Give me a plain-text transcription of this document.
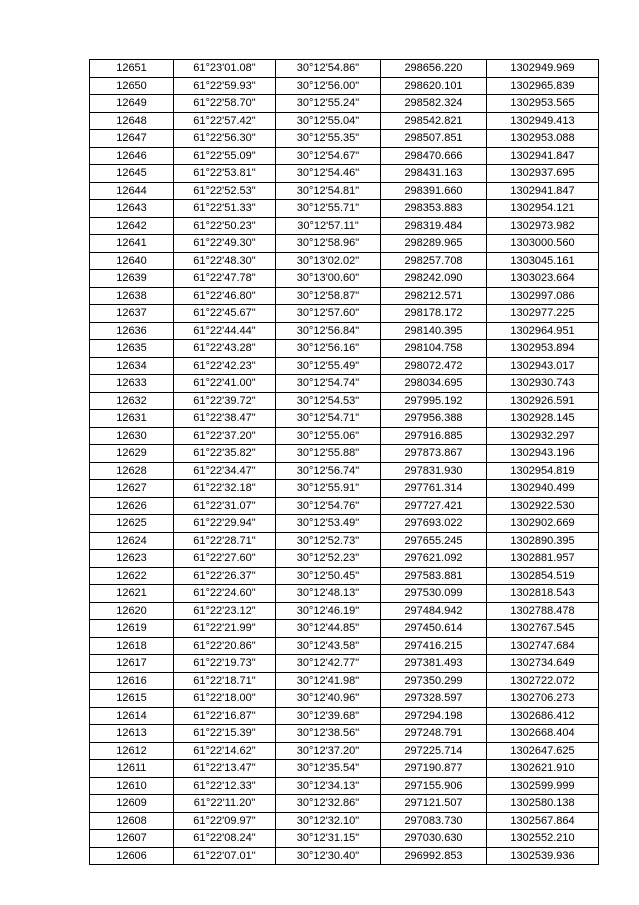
12651	61°23'01.08"	30°12'54.86"	298656.220	1302949.969
12650	61°22'59.93"	30°12'56.00"	298620.101	1302965.839
12649	61°22'58.70"	30°12'55.24"	298582.324	1302953.565
12648	61°22'57.42"	30°12'55.04"	298542.821	1302949.413
12647	61°22'56.30"	30°12'55.35"	298507.851	1302953.088
12646	61°22'55.09"	30°12'54.67"	298470.666	1302941.847
12645	61°22'53.81"	30°12'54.46"	298431.163	1302937.695
12644	61°22'52.53"	30°12'54.81"	298391.660	1302941.847
12643	61°22'51.33"	30°12'55.71"	298353.883	1302954.121
12642	61°22'50.23"	30°12'57.11"	298319.484	1302973.982
12641	61°22'49.30"	30°12'58.96"	298289.965	1303000.560
12640	61°22'48.30"	30°13'02.02"	298257.708	1303045.161
12639	61°22'47.78"	30°13'00.60"	298242.090	1303023.664
12638	61°22'46.80"	30°12'58.87"	298212.571	1302997.086
12637	61°22'45.67"	30°12'57.60"	298178.172	1302977.225
12636	61°22'44.44"	30°12'56.84"	298140.395	1302964.951
12635	61°22'43.28"	30°12'56.16"	298104.758	1302953.894
12634	61°22'42.23"	30°12'55.49"	298072.472	1302943.017
12633	61°22'41.00"	30°12'54.74"	298034.695	1302930.743
12632	61°22'39.72"	30°12'54.53"	297995.192	1302926.591
12631	61°22'38.47"	30°12'54.71"	297956.388	1302928.145
12630	61°22'37.20"	30°12'55.06"	297916.885	1302932.297
12629	61°22'35.82"	30°12'55.88"	297873.867	1302943.196
12628	61°22'34.47"	30°12'56.74"	297831.930	1302954.819
12627	61°22'32.18"	30°12'55.91"	297761.314	1302940.499
12626	61°22'31.07"	30°12'54.76"	297727.421	1302922.530
12625	61°22'29.94"	30°12'53.49"	297693.022	1302902.669
12624	61°22'28.71"	30°12'52.73"	297655.245	1302890.395
12623	61°22'27.60"	30°12'52.23"	297621.092	1302881.957
12622	61°22'26.37"	30°12'50.45"	297583.881	1302854.519
12621	61°22'24.60"	30°12'48.13"	297530.099	1302818.543
12620	61°22'23.12"	30°12'46.19"	297484.942	1302788.478
12619	61°22'21.99"	30°12'44.85"	297450.614	1302767.545
12618	61°22'20.86"	30°12'43.58"	297416.215	1302747.684
12617	61°22'19.73"	30°12'42.77"	297381.493	1302734.649
12616	61°22'18.71"	30°12'41.98"	297350.299	1302722.072
12615	61°22'18.00"	30°12'40.96"	297328.597	1302706.273
12614	61°22'16.87"	30°12'39.68"	297294.198	1302686.412
12613	61°22'15.39"	30°12'38.56"	297248.791	1302668.404
12612	61°22'14.62"	30°12'37.20"	297225.714	1302647.625
12611	61°22'13.47"	30°12'35.54"	297190.877	1302621.910
12610	61°22'12.33"	30°12'34.13"	297155.906	1302599.999
12609	61°22'11.20"	30°12'32.86"	297121.507	1302580.138
12608	61°22'09.97"	30°12'32.10"	297083.730	1302567.864
12607	61°22'08.24"	30°12'31.15"	297030.630	1302552.210
12606	61°22'07.01"	30°12'30.40"	296992.853	1302539.936
